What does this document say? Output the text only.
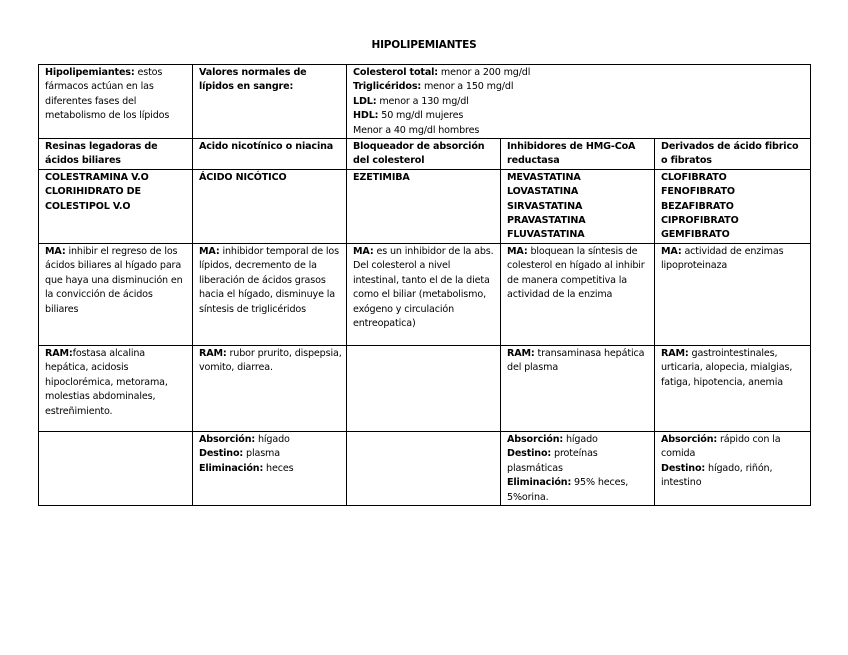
HIPOLIPEMIANTES
Hipolipemiantes: estos fármacos actúan en las diferentes fases del metabolismo de los lípidos	Valores normales de lípidos en sangre:	Colesterol total: menor a 200 mg/dl
Triglicéridos: menor a 150 mg/dl
LDL: menor a 130 mg/dl
HDL: 50 mg/dl mujeres
Menor a 40 mg/dl hombres		

Resinas legadoras de ácidos biliares	Acido nicotínico o niacina	Bloqueador de absorción del colesterol	Inhibidores de HMG-CoA reductasa	Derivados de ácido fibrico o fibratos

COLESTRAMINA V.O
CLORIHIDRATO DE
COLESTIPOL V.O	ÁCIDO NICÓTICO	EZETIMIBA	MEVASTATINA
LOVASTATINA
SIRVASTATINA
PRAVASTATINA
FLUVASTATINA	CLOFIBRATO
FENOFIBRATO
BEZAFIBRATO
CIPROFIBRATO
GEMFIBRATO

MA: inhibir el regreso de los ácidos biliares al hígado para que haya una disminución en la convicción de ácidos biliares	MA: inhibidor temporal de los lípidos, decremento de la liberación de ácidos grasos hacia el hígado, disminuye la síntesis de triglicéridos	MA: es un inhibidor de la abs. Del colesterol a nivel intestinal, tanto el de la dieta como el biliar (metabolismo, exógeno y circulación entreopatica)	MA: bloquean la síntesis de colesterol en hígado al inhibir de manera competitiva la actividad de la enzima	MA: actividad de enzimas lipoproteinaza
RAM:fostasa alcalina hepática, acidosis hipoclorémica, metorama, molestias abdominales, estreñimiento.	RAM: rubor prurito, dispepsia, vomito, diarrea.		RAM: transaminasa hepática del plasma	RAM: gastrointestinales, urticaria, alopecia, mialgias, fatiga, hipotencia, anemia

	Absorción: hígado
Destino: plasma
Eliminación: heces		Absorción: hígado
Destino: proteínas plasmáticas
Eliminación: 95% heces, 5%orina.	Absorción: rápido con la comida
Destino: hígado, riñón, intestino
